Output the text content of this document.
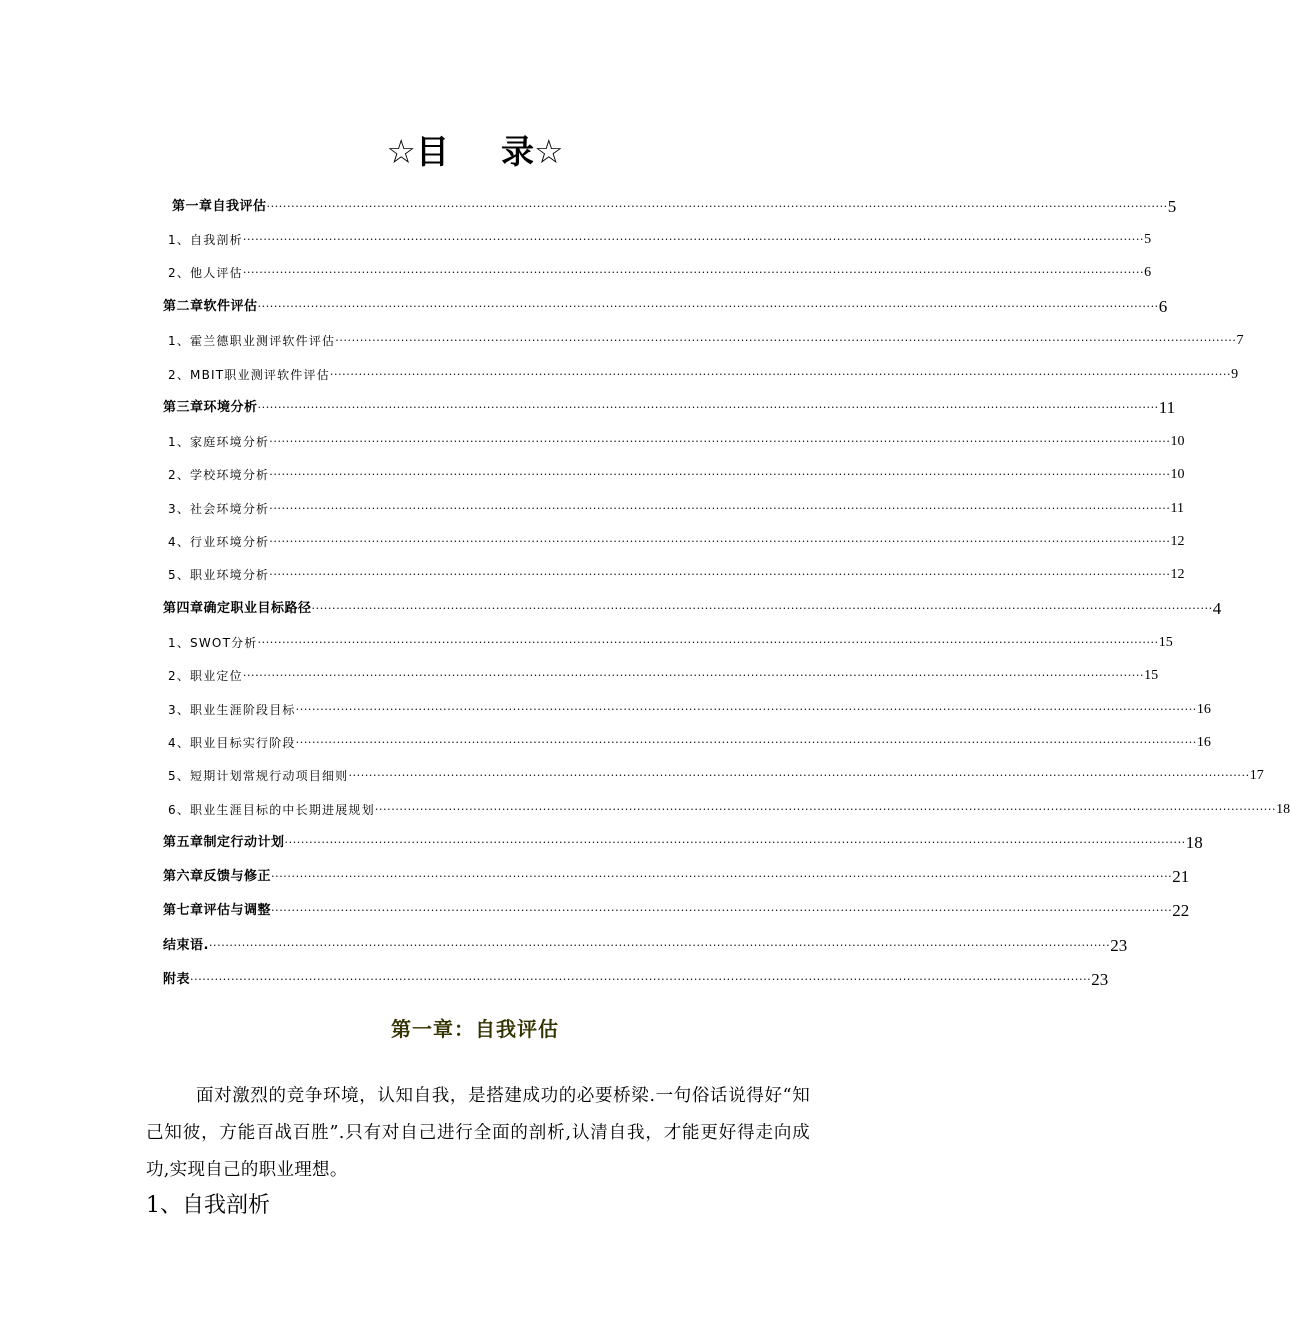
☆目 录☆
第一章自我评估 ···························································································································································································································· 5
1、自我剖析 ···························································································································································································································· 5
2、他人评估 ···························································································································································································································· 6
第二章软件评估 ···························································································································································································································· 6
1、霍兰德职业测评软件评估 ···························································································································································································································· 7
2、MBIT职业测评软件评估 ···························································································································································································································· 9
第三章环境分析 ···························································································································································································································· 11
1、家庭环境分析 ···························································································································································································································· 10
2、学校环境分析 ···························································································································································································································· 10
3、社会环境分析 ···························································································································································································································· 11
4、行业环境分析 ···························································································································································································································· 12
5、职业环境分析 ···························································································································································································································· 12
第四章确定职业目标路径 ···························································································································································································································· 4
1、SWOT分析 ···························································································································································································································· 15
2、职业定位 ···························································································································································································································· 15
3、职业生涯阶段目标 ···························································································································································································································· 16
4、职业目标实行阶段 ···························································································································································································································· 16
5、短期计划常规行动项目细则 ···························································································································································································································· 17
6、职业生涯目标的中长期进展规划 ···························································································································································································································· 18
第五章制定行动计划 ···························································································································································································································· 18
第六章反馈与修正 ···························································································································································································································· 21
第七章评估与调整 ···························································································································································································································· 22
结束语. ···························································································································································································································· 23
附表 ···························································································································································································································· 23
第一章：自我评估
面对激烈的竞争环境，认知自我，是搭建成功的必要桥梁.一句俗话说得好“知己知彼，方能百战百胜”.只有对自己进行全面的剖析,认清自我，才能更好得走向成功,实现自己的职业理想。
1、自我剖析
